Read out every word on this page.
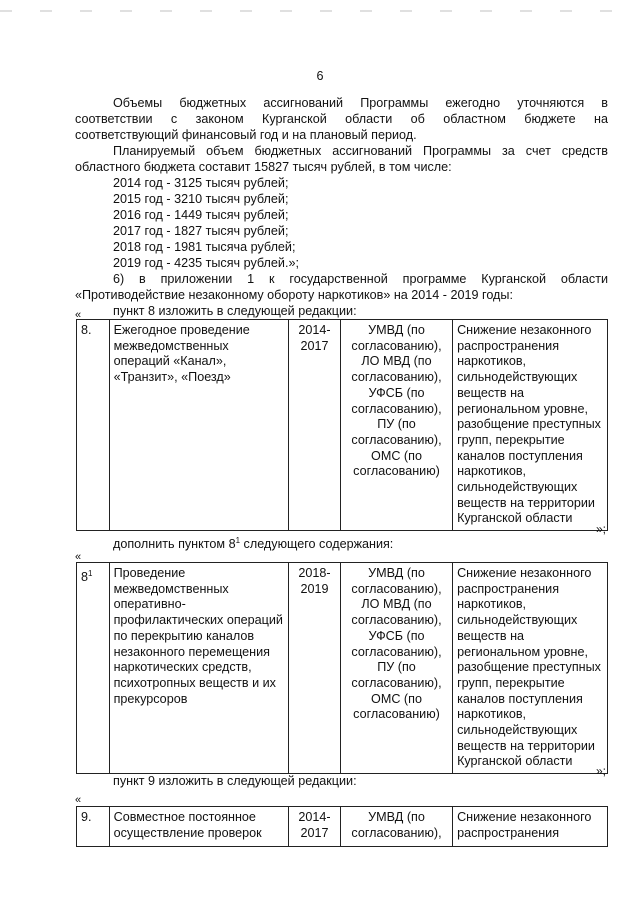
6
Объемы бюджетных ассигнований Программы ежегодно уточняются в
соответствии с законом Курганской области об областном бюджете на
соответствующий финансовый год и на плановый период.
Планируемый объем бюджетных ассигнований Программы за счет средств
областного бюджета составит 15827 тысяч рублей, в том числе:
2014 год - 3125 тысяч рублей;
2015 год - 3210 тысяч рублей;
2016 год - 1449 тысяч рублей;
2017 год - 1827 тысяч рублей;
2018 год - 1981 тысяча рублей;
2019 год - 4235 тысяч рублей.»;
6) в приложении 1 к государственной программе Курганской области
«Противодействие незаконному обороту наркотиков» на 2014 - 2019 годы:
пункт 8 изложить в следующей редакции:
«
8.	Ежегодное проведение межведомственных операций «Канал», «Транзит», «Поезд»	2014-2017	УМВД (по согласованию), ЛО МВД (по согласованию), УФСБ (по согласованию), ПУ (по согласованию), ОМС (по согласованию)	Снижение незаконного распространения наркотиков, сильнодействующих веществ на региональном уровне, разобщение преступных групп, перекрытие каналов поступления наркотиков, сильнодействующих веществ на территории Курганской области
»;
дополнить пунктом $8^1$ следующего содержания:
«
$8^1$	Проведение межведомственных оперативно-профилактических операций по перекрытию каналов незаконного перемещения наркотических средств, психотропных веществ и их прекурсоров	2018-2019	УМВД (по согласованию), ЛО МВД (по согласованию), УФСБ (по согласованию), ПУ (по согласованию), ОМС (по согласованию)	Снижение незаконного распространения наркотиков, сильнодействующих веществ на региональном уровне, разобщение преступных групп, перекрытие каналов поступления наркотиков, сильнодействующих веществ на территории Курганской области
»;
пункт 9 изложить в следующей редакции:
«
9.	Совместное постоянное осуществление проверок	2014-2017	УМВД (по согласованию),	Снижение незаконного распространения
